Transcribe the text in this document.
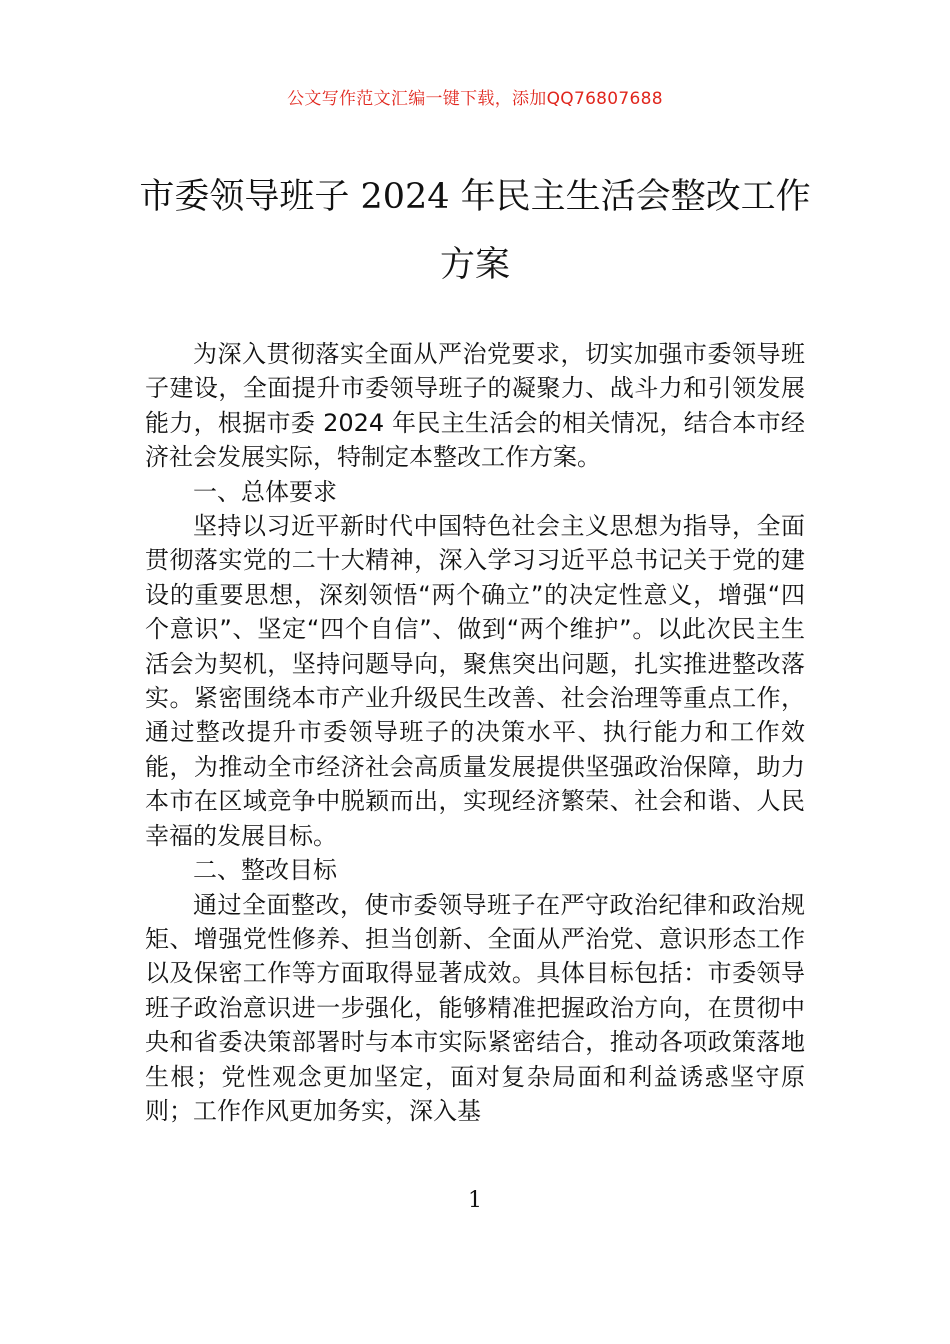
公文写作范文汇编一键下载，添加QQ76807688
市委领导班子 2024 年民主生活会整改工作
方案

为深入贯彻落实全面从严治党要求，切实加强市委领导班子建设，全面提升市委领导班子的凝聚力、战斗力和引领发展能力，根据市委 2024 年民主生活会的相关情况，结合本市经济社会发展实际，特制定本整改工作方案。

一、总体要求

坚持以习近平新时代中国特色社会主义思想为指导，全面贯彻落实党的二十大精神，深入学习习近平总书记关于党的建设的重要思想，深刻领悟“两个确立”的决定性意义，增强“四个意识”、坚定“四个自信”、做到“两个维护”。以此次民主生活会为契机，坚持问题导向，聚焦突出问题，扎实推进整改落实。紧密围绕本市产业升级民生改善、社会治理等重点工作，通过整改提升市委领导班子的决策水平、执行能力和工作效能，为推动全市经济社会高质量发展提供坚强政治保障，助力本市在区域竞争中脱颖而出，实现经济繁荣、社会和谐、人民幸福的发展目标。

二、整改目标

通过全面整改，使市委领导班子在严守政治纪律和政治规矩、增强党性修养、担当创新、全面从严治党、意识形态工作以及保密工作等方面取得显著成效。具体目标包括：市委领导班子政治意识进一步强化，能够精准把握政治方向，在贯彻中央和省委决策部署时与本市实际紧密结合，推动各项政策落地生根；党性观念更加坚定，面对复杂局面和利益诱惑坚守原则；工作作风更加务实，深入基

1
